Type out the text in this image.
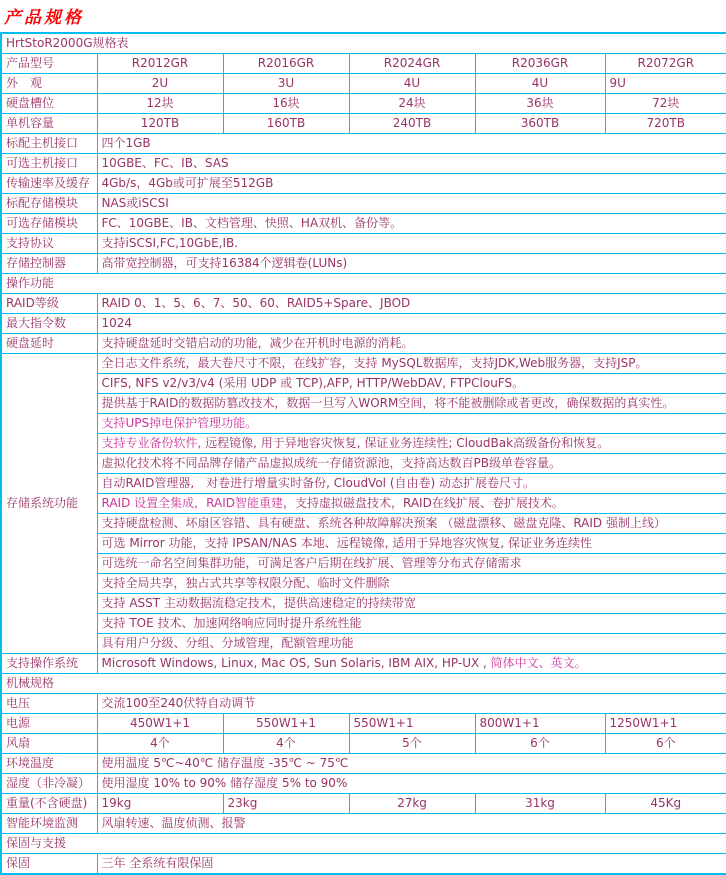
产品规格
HrtStoR2000G规格表					
产品型号	R2012GR	R2016GR	R2024GR	R2036GR	R2072GR
外　观	2U	3U	4U	4U	9U
硬盘槽位	12块	16块	24块	36块	72块
单机容量	120TB	160TB	240TB	360TB	720TB
标配主机接口	四个1GB				
可选主机接口	10GBE、FC、IB、SAS				
传输速率及缓存	4Gb/s，4Gb或可扩展至512GB				
标配存储模块	NAS或iSCSI				
可选存储模块	FC、10GBE、IB、文档管理、快照、HA双机、备份等。				
支持协议	支持iSCSI,FC,10GbE,IB.				
存储控制器	高带宽控制器，可支持16384个逻辑卷(LUNs)				
操作功能					
RAID等级	RAID 0、1、5、6、7、50、60、RAID5+Spare、JBOD				
最大指令数	1024				
硬盘延时	支持硬盘延时交错启动的功能，减少在开机时电源的消耗。				
存储系统功能	全日志文件系统，最大卷尺寸不限，在线扩容，支持 MySQL数据库，支持JDK,Web服务器，支持JSP。				
	CIFS, NFS v2/v3/v4 (采用 UDP 或 TCP),AFP, HTTP/WebDAV, FTPClouFS。				
	提供基于RAID的数据防篡改技术，数据一旦写入WORM空间，将不能被删除或者更改，确保数据的真实性。				
	支持UPS掉电保护管理功能。				
	支持专业备份软件, 远程镜像, 用于异地容灾恢复, 保证业务连续性; CloudBak高级备份和恢复。				
	虚拟化技术将不同品牌存储产品虚拟成统一存储资源池，支持高达数百PB级单卷容量。				
	自动RAID管理器,　对卷进行增量实时备份, CloudVol (自由卷) 动态扩展卷尺寸。				
	RAID 设置全集成，RAID智能重建，支持虚拟磁盘技术，RAID在线扩展、卷扩展技术。				
	支持硬盘检测、坏扇区容错、具有硬盘、系统各种故障解决预案 （磁盘漂移、磁盘克隆、RAID 强制上线）				
	可选 Mirror 功能，支持 IPSAN/NAS 本地、远程镜像, 适用于异地容灾恢复, 保证业务连续性				
	可选统一命名空间集群功能，可满足客户后期在线扩展、管理等分布式存储需求				
	支持全局共享，独占式共享等权限分配、临时文件删除				
	支持 ASST 主动数据流稳定技术，提供高速稳定的持续带宽				
	支持 TOE 技术、加速网络响应同时提升系统性能				
	具有用户分级、分组、分域管理，配额管理功能				
支持操作系统	Microsoft Windows, Linux, Mac OS, Sun Solaris, IBM AIX, HP-UX , 简体中文、英文。				
机械规格					
电压	交流100至240伏特自动调节				
电源	450W1+1	550W1+1	550W1+1	800W1+1	1250W1+1
风扇	4个	4个	5个	6个	6个
环境温度	使用温度 5℃~40℃ 储存温度 -35℃ ~ 75℃				
湿度（非冷凝）	使用湿度 10% to 90% 储存湿度 5% to 90%				
重量(不含硬盘)	19kg	23kg	27kg	31kg	45Kg
智能环境监测	风扇转速、温度侦测、报警				
保固与支援					
保固	三年 全系统有限保固				
